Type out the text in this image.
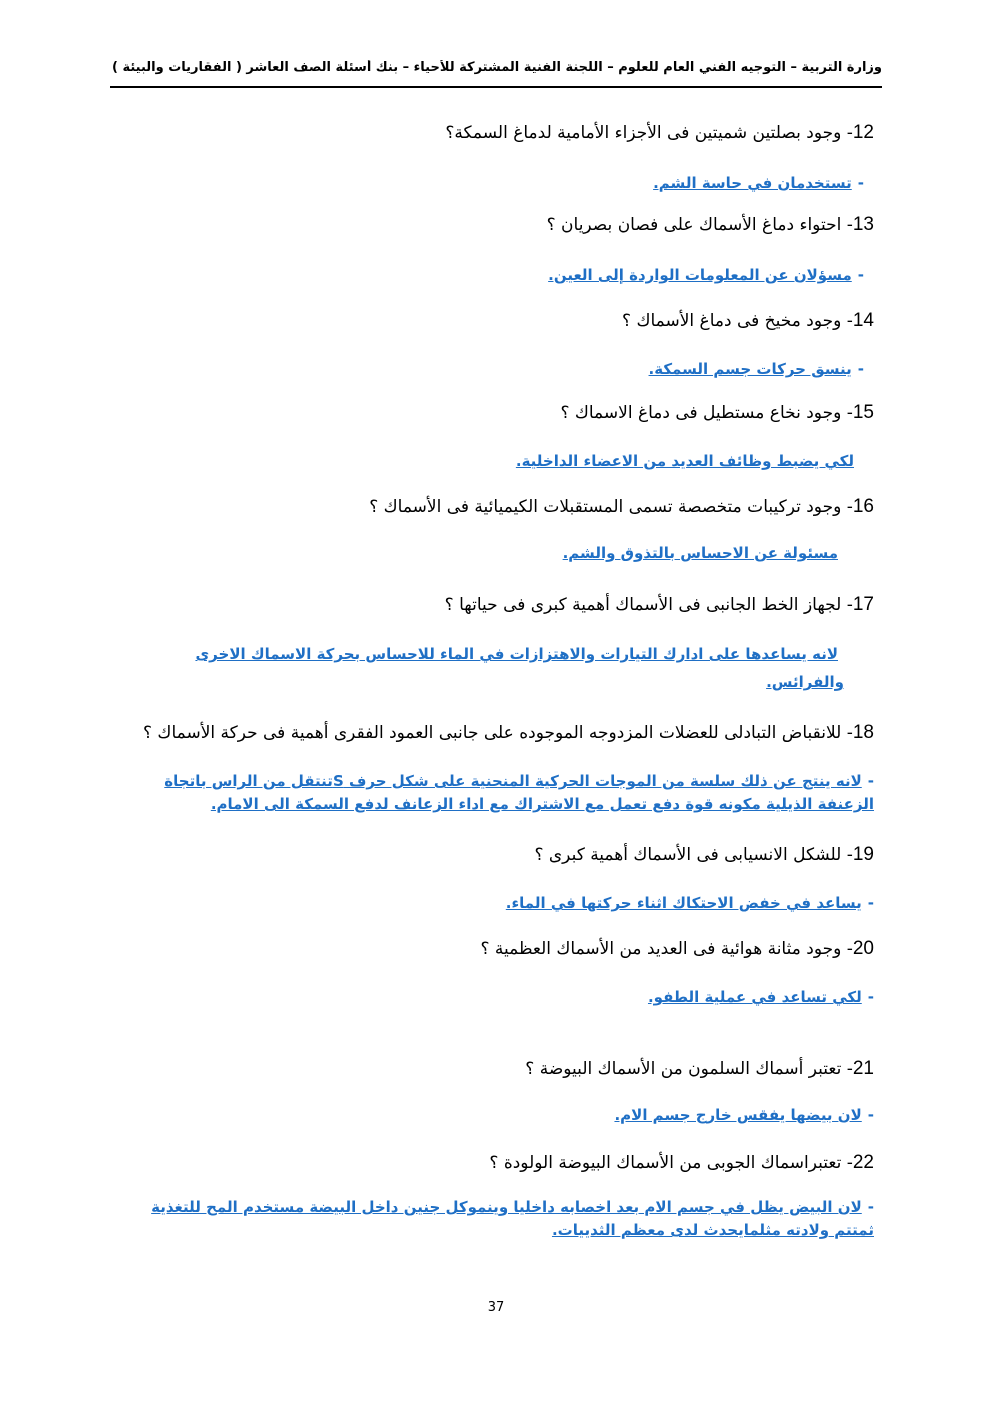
وزارة التربية – التوجيه الفني العام للعلوم – اللجنة الفنية المشتركة للأحياء – بنك أسئلة الصف العاشر ( الفقاريات والبيئة )
12- وجود بصلتين شميتين فى الأجزاء الأمامية لدماغ السمكة؟
-تستخدمان في حاسة الشم.
13- احتواء دماغ الأسماك على فصان بصريان ؟
-مسؤلان عن المعلومات الواردة إلى العين.
14- وجود مخيخ فى دماغ الأسماك ؟
-ينسق حركات جسم السمكة.
15- وجود نخاع مستطيل فى دماغ الاسماك ؟
لكي يضبط وظائف العديد من الاعضاء الداخلية.
16- وجود تركيبات متخصصة تسمى المستقبلات الكيميائية فى الأسماك ؟
مسئولة عن الاحساس بالتذوق والشم.
17- لجهاز الخط الجانبى فى الأسماك أهمية كبرى فى حياتها ؟
لانه يساعدها على ادارك التيارات والاهتزازات في الماء للاحساس بحركة الاسماك الاخرى والفرائس.
18- للانقباض التبادلى للعضلات المزدوجه الموجوده على جانبى العمود الفقرى أهمية فى حركة الأسماك ؟
-لانه ينتج عن ذلك سلسة من الموجات الحركية المنحنية على شكل حرف Sتنتقل من الراس باتجاة الزعنفة الذيلية مكونه قوة دفع تعمل مع الاشتراك مع اداء الزعانف لدفع السمكة الى الامام.
19- للشكل الانسيابى فى الأسماك أهمية كبرى ؟
-يساعد في خفض الاحتكاك اثناء حركتها في الماء.
20- وجود مثانة هوائية فى العديد من الأسماك العظمية ؟
-لكي تساعد في عملية الطفو.
21- تعتبر أسماك السلمون من الأسماك البيوضة ؟
-لان بيضها يفقس خارج جسم الام.
22- تعتبراسماك الجوبى من الأسماك البيوضة الولودة ؟
-لان البيض يظل في جسم الام بعد اخصابه داخليا وينموكل جنين داخل البيضة مستخدم المح للتغذية ثمتتم ولادته مثلمايحدث لدى معظم الثدييات.
37
